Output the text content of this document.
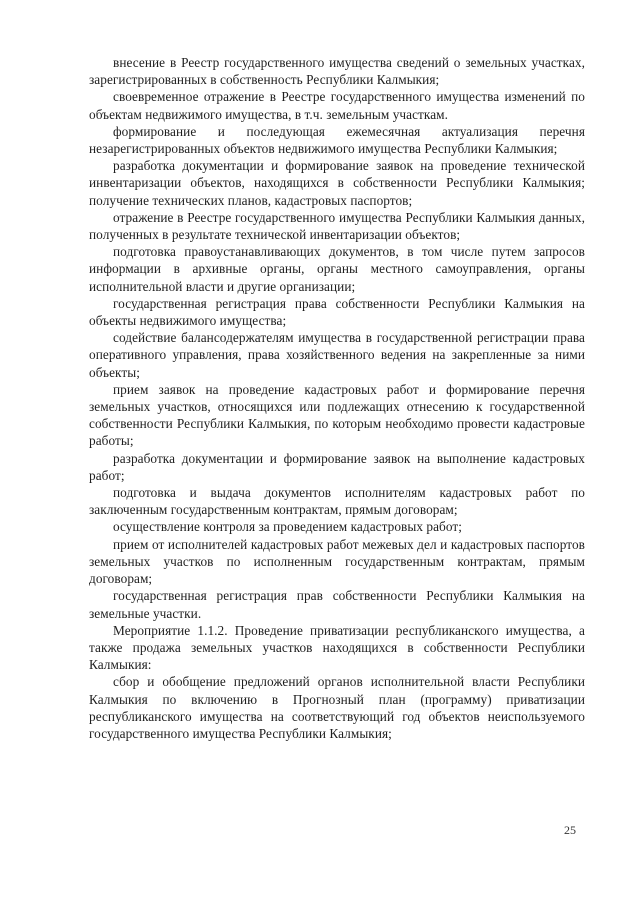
внесение в Реестр государственного имущества сведений о земельных участках, зарегистрированных в собственность Республики Калмыкия;

своевременное отражение в Реестре государственного имущества изменений по объектам недвижимого имущества, в т.ч. земельным участкам.

формирование и последующая ежемесячная актуализация перечня незарегистрированных объектов недвижимого имущества Республики Калмыкия;

разработка документации и формирование заявок на проведение технической инвентаризации объектов, находящихся в собственности Республики Калмыкия; получение технических планов, кадастровых паспортов;

отражение в Реестре государственного имущества Республики Калмыкия данных, полученных в результате технической инвентаризации объектов;

подготовка правоустанавливающих документов, в том числе путем запросов информации в архивные органы, органы местного самоуправления, органы исполнительной власти и другие организации;

государственная регистрация права собственности Республики Калмыкия на объекты недвижимого имущества;

содействие балансодержателям имущества в государственной регистрации права оперативного управления, права хозяйственного ведения на закрепленные за ними объекты;

прием заявок на проведение кадастровых работ и формирование перечня земельных участков, относящихся или подлежащих отнесению к государственной собственности Республики Калмыкия, по которым необходимо провести кадастровые работы;

разработка документации и формирование заявок на выполнение кадастровых работ;

подготовка и выдача документов исполнителям кадастровых работ по заключенным государственным контрактам, прямым договорам;

осуществление контроля за проведением кадастровых работ;

прием от исполнителей кадастровых работ межевых дел и кадастровых паспортов земельных участков по исполненным государственным контрактам, прямым договорам;

государственная регистрация прав собственности Республики Калмыкия на земельные участки.

Мероприятие 1.1.2. Проведение приватизации республиканского имущества, а также продажа земельных участков находящихся в собственности Республики Калмыкия:

сбор и обобщение предложений органов исполнительной власти Республики Калмыкия по включению в Прогнозный план (программу) приватизации республиканского имущества на соответствующий год объектов неиспользуемого государственного имущества Республики Калмыкия;

25
